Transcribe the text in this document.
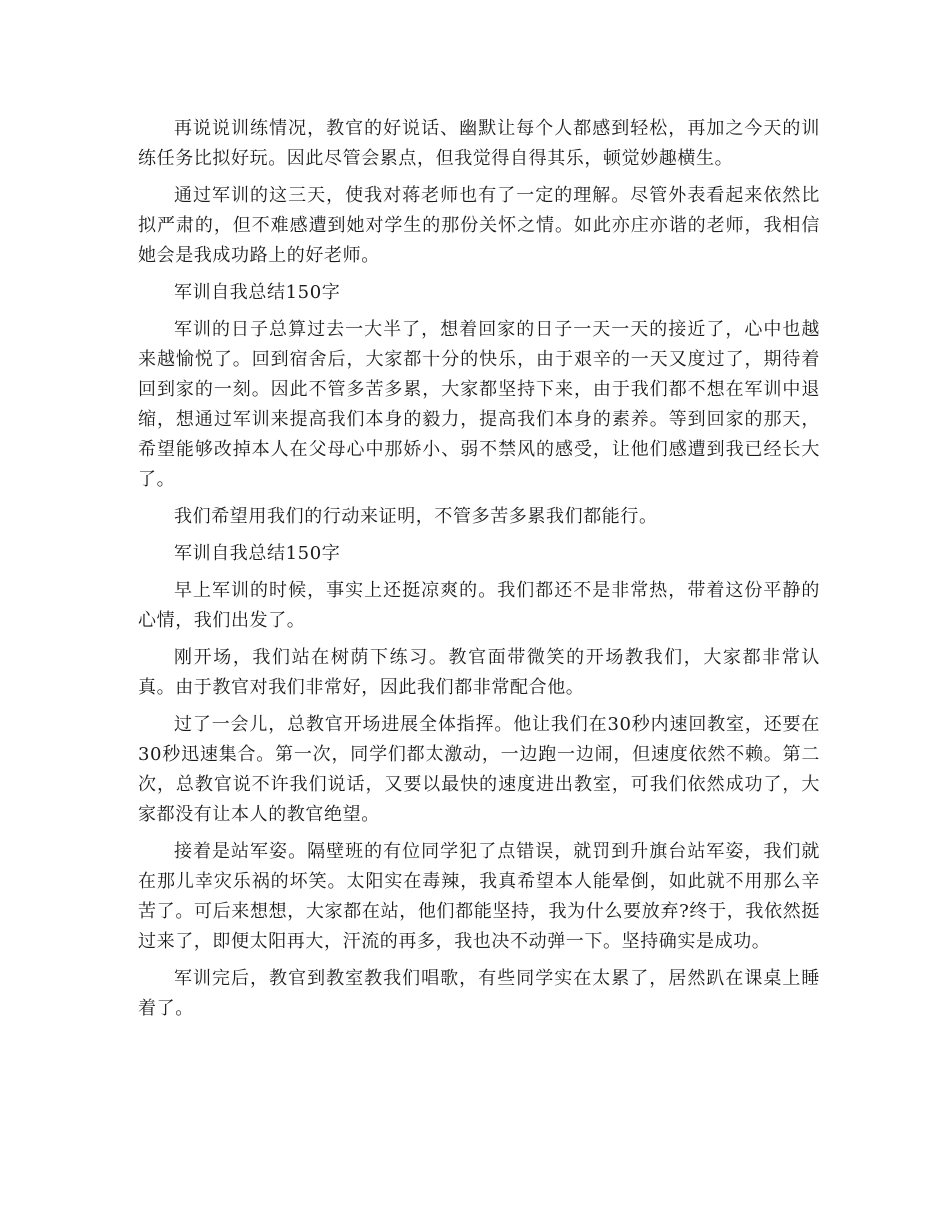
再说说训练情况，教官的好说话、幽默让每个人都感到轻松，再加之今天的训练任务比拟好玩。因此尽管会累点，但我觉得自得其乐，顿觉妙趣横生。

通过军训的这三天，使我对蒋老师也有了一定的理解。尽管外表看起来依然比拟严肃的，但不难感遭到她对学生的那份关怀之情。如此亦庄亦谐的老师，我相信她会是我成功路上的好老师。

军训自我总结150字

军训的日子总算过去一大半了，想着回家的日子一天一天的接近了，心中也越来越愉悦了。回到宿舍后，大家都十分的快乐，由于艰辛的一天又度过了，期待着回到家的一刻。因此不管多苦多累，大家都坚持下来，由于我们都不想在军训中退缩，想通过军训来提高我们本身的毅力，提高我们本身的素养。等到回家的那天，希望能够改掉本人在父母心中那娇小、弱不禁风的感受，让他们感遭到我已经长大了。

我们希望用我们的行动来证明，不管多苦多累我们都能行。

军训自我总结150字

早上军训的时候，事实上还挺凉爽的。我们都还不是非常热，带着这份平静的心情，我们出发了。

刚开场，我们站在树荫下练习。教官面带微笑的开场教我们，大家都非常认真。由于教官对我们非常好，因此我们都非常配合他。

过了一会儿，总教官开场进展全体指挥。他让我们在30秒内速回教室，还要在30秒迅速集合。第一次，同学们都太激动，一边跑一边闹，但速度依然不赖。第二次，总教官说不许我们说话，又要以最快的速度进出教室，可我们依然成功了，大家都没有让本人的教官绝望。

接着是站军姿。隔壁班的有位同学犯了点错误，就罚到升旗台站军姿，我们就在那儿幸灾乐祸的坏笑。太阳实在毒辣，我真希望本人能晕倒，如此就不用那么辛苦了。可后来想想，大家都在站，他们都能坚持，我为什么要放弃?终于，我依然挺过来了，即便太阳再大，汗流的再多，我也决不动弹一下。坚持确实是成功。

军训完后，教官到教室教我们唱歌，有些同学实在太累了，居然趴在课桌上睡着了。
